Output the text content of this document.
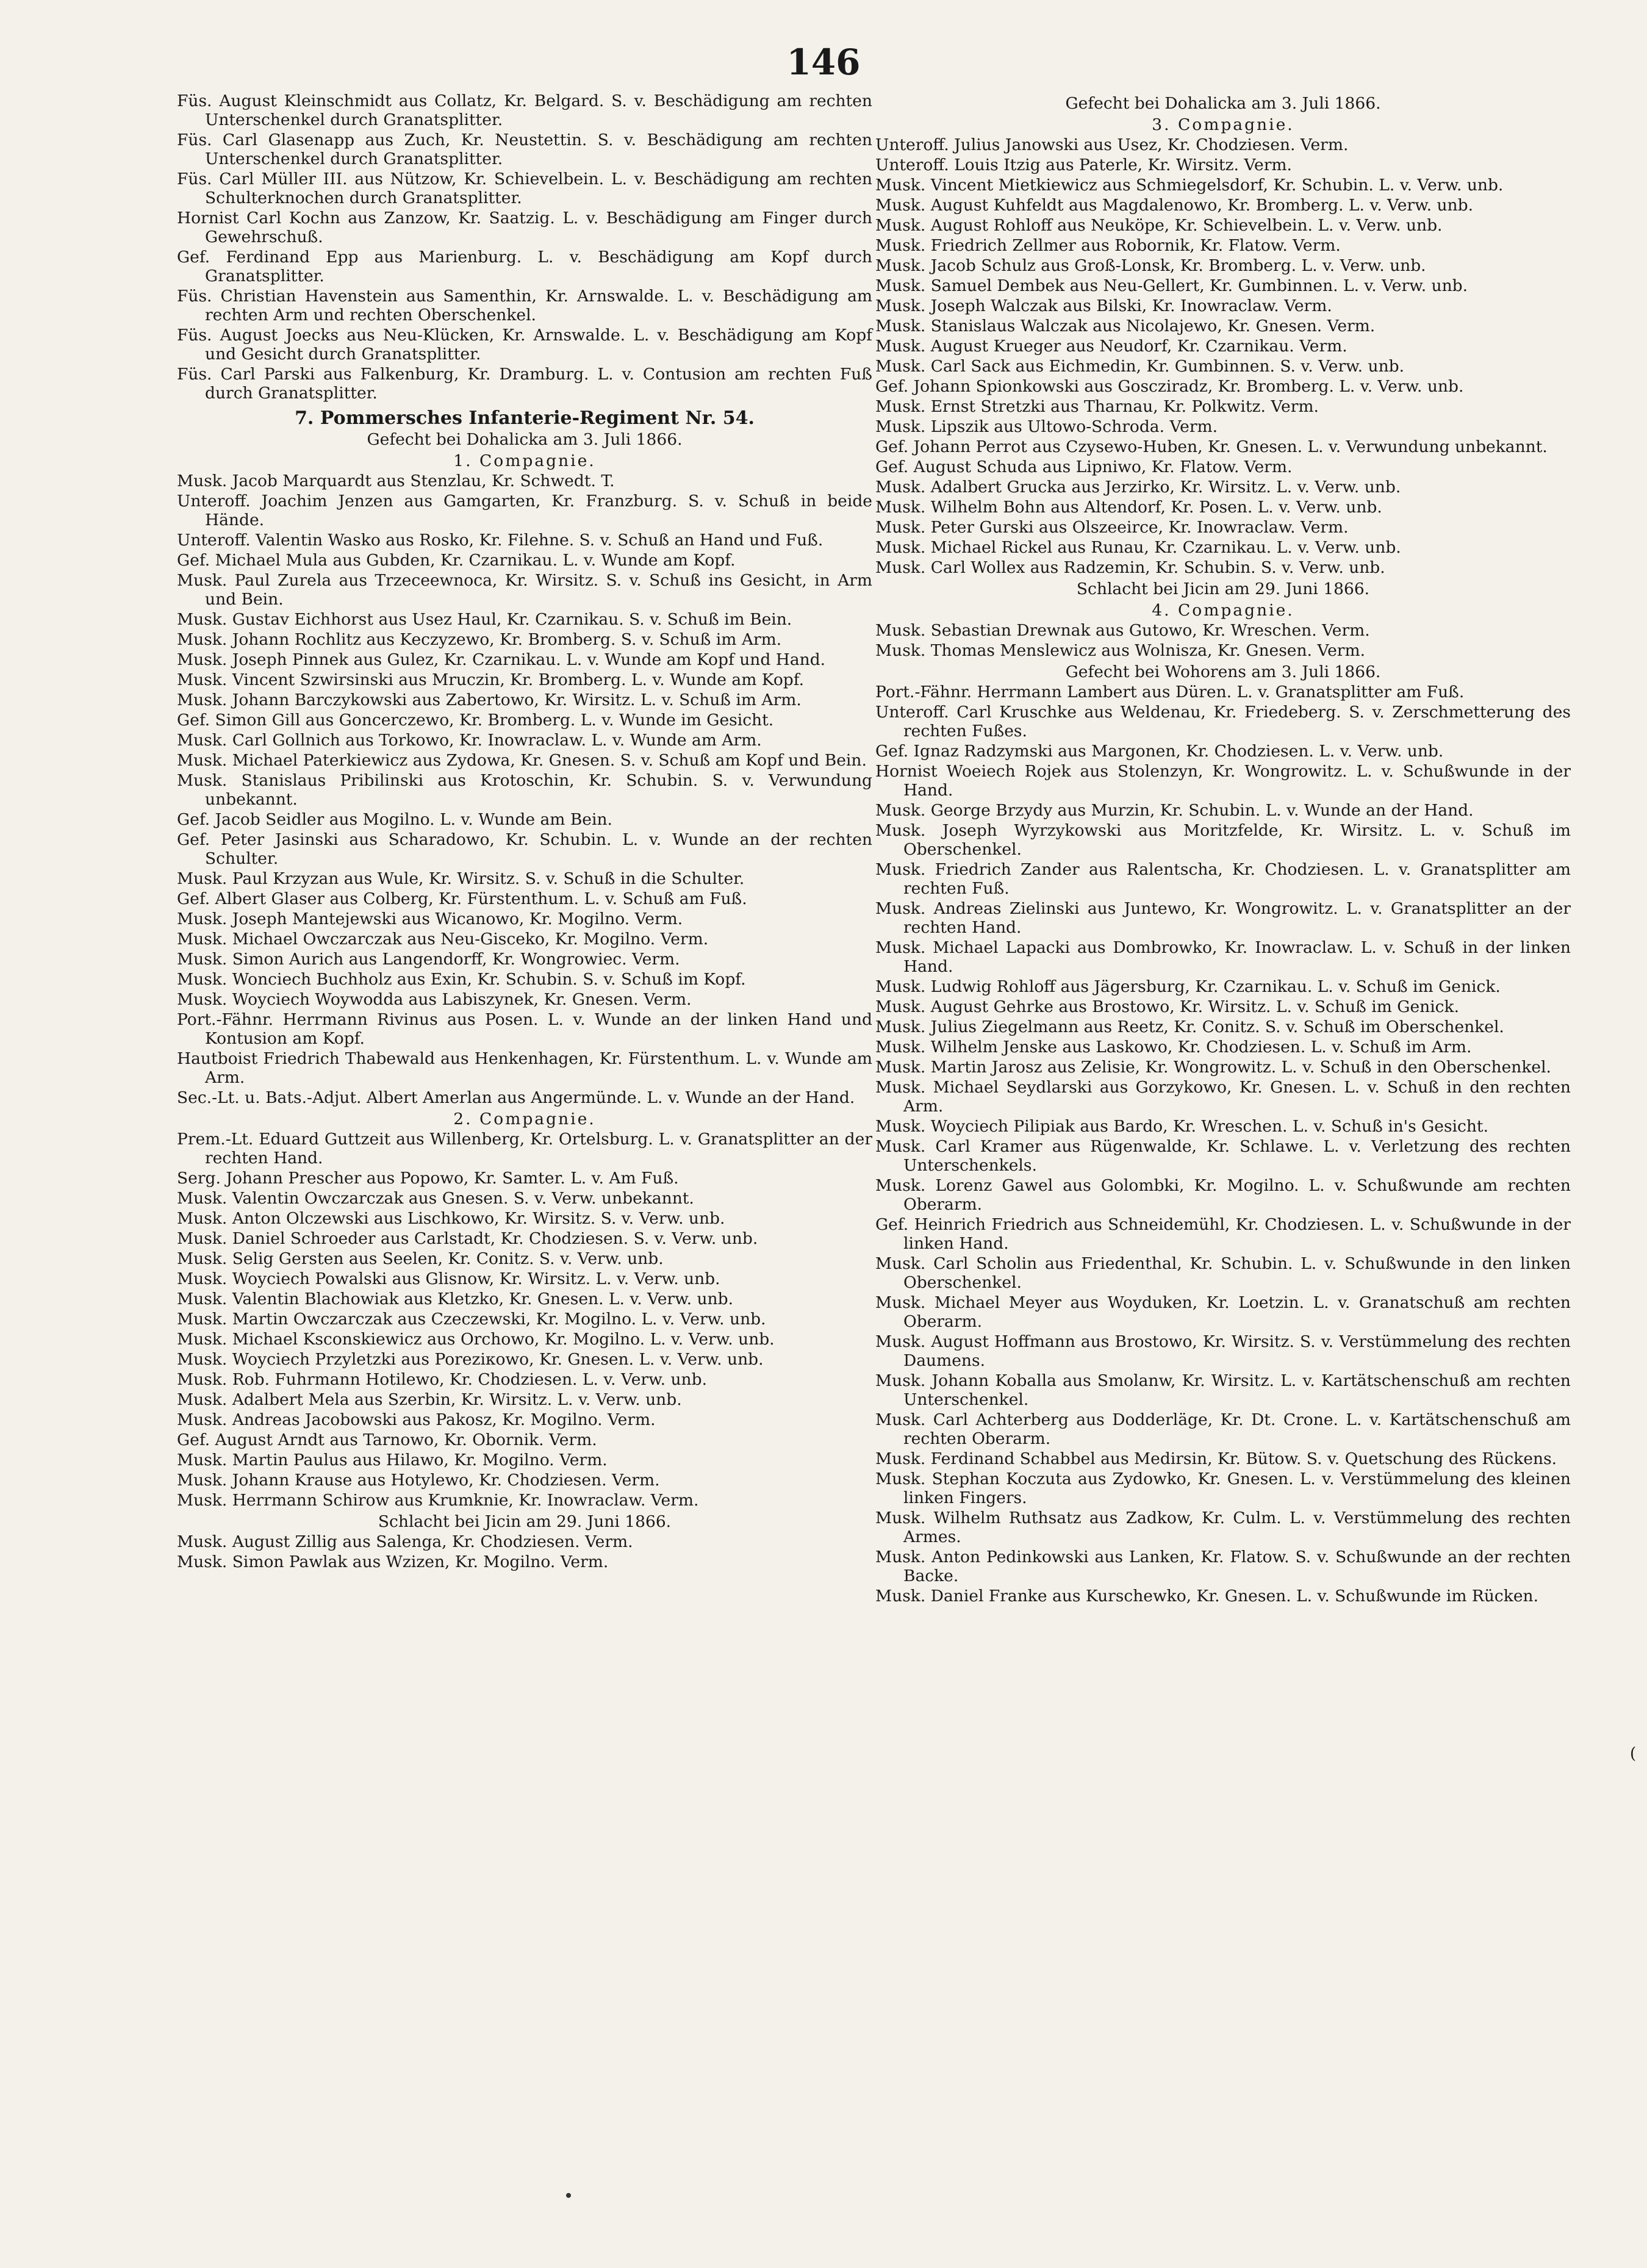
146
Füs. August Kleinschmidt aus Collatz, Kr. Belgard. S. v. Beschädigung am rechten Unterschenkel durch Granatsplitter.
Füs. Carl Glasenapp aus Zuch, Kr. Neustettin. S. v. Beschädigung am rechten Unterschenkel durch Granatsplitter.
Füs. Carl Müller III. aus Nützow, Kr. Schievelbein. L. v. Beschädigung am rechten Schulterknochen durch Granatsplitter.
Hornist Carl Kochn aus Zanzow, Kr. Saatzig. L. v. Beschädigung am Finger durch Gewehrschuß.
Gef. Ferdinand Epp aus Marienburg. L. v. Beschädigung am Kopf durch Granatsplitter.
Füs. Christian Havenstein aus Samenthin, Kr. Arnswalde. L. v. Beschädigung am rechten Arm und rechten Oberschenkel.
Füs. August Joecks aus Neu-Klücken, Kr. Arnswalde. L. v. Beschädigung am Kopf und Gesicht durch Granatsplitter.
Füs. Carl Parski aus Falkenburg, Kr. Dramburg. L. v. Contusion am rechten Fuß durch Granatsplitter.
7. Pommersches Infanterie-Regiment Nr. 54.
Gefecht bei Dohalicka am 3. Juli 1866.
1. Compagnie.
Musk. Jacob Marquardt aus Stenzlau, Kr. Schwedt. T.
Unteroff. Joachim Jenzen aus Gamgarten, Kr. Franzburg. S. v. Schuß in beide Hände.
Unteroff. Valentin Wasko aus Rosko, Kr. Filehne. S. v. Schuß an Hand und Fuß.
Gef. Michael Mula aus Gubden, Kr. Czarnikau. L. v. Wunde am Kopf.
Musk. Paul Zurela aus Trzeceewnoca, Kr. Wirsitz. S. v. Schuß ins Gesicht, in Arm und Bein.
Musk. Gustav Eichhorst aus Usez Haul, Kr. Czarnikau. S. v. Schuß im Bein.
Musk. Johann Rochlitz aus Keczyzewo, Kr. Bromberg. S. v. Schuß im Arm.
Musk. Joseph Pinnek aus Gulez, Kr. Czarnikau. L. v. Wunde am Kopf und Hand.
Musk. Vincent Szwirsinski aus Mruczin, Kr. Bromberg. L. v. Wunde am Kopf.
Musk. Johann Barczykowski aus Zabertowo, Kr. Wirsitz. L. v. Schuß im Arm.
Gef. Simon Gill aus Goncerczewo, Kr. Bromberg. L. v. Wunde im Gesicht.
Musk. Carl Gollnich aus Torkowo, Kr. Inowraclaw. L. v. Wunde am Arm.
Musk. Michael Paterkiewicz aus Zydowa, Kr. Gnesen. S. v. Schuß am Kopf und Bein.
Musk. Stanislaus Pribilinski aus Krotoschin, Kr. Schubin. S. v. Verwundung unbekannt.
Gef. Jacob Seidler aus Mogilno. L. v. Wunde am Bein.
Gef. Peter Jasinski aus Scharadowo, Kr. Schubin. L. v. Wunde an der rechten Schulter.
Musk. Paul Krzyzan aus Wule, Kr. Wirsitz. S. v. Schuß in die Schulter.
Gef. Albert Glaser aus Colberg, Kr. Fürstenthum. L. v. Schuß am Fuß.
Musk. Joseph Mantejewski aus Wicanowo, Kr. Mogilno. Verm.
Musk. Michael Owczarczak aus Neu-Gisceko, Kr. Mogilno. Verm.
Musk. Simon Aurich aus Langendorff, Kr. Wongrowiec. Verm.
Musk. Wonciech Buchholz aus Exin, Kr. Schubin. S. v. Schuß im Kopf.
Musk. Woyciech Woywodda aus Labiszynek, Kr. Gnesen. Verm.
Port.-Fähnr. Herrmann Rivinus aus Posen. L. v. Wunde an der linken Hand und Kontusion am Kopf.
Hautboist Friedrich Thabewald aus Henkenhagen, Kr. Fürstenthum. L. v. Wunde am Arm.
Sec.-Lt. u. Bats.-Adjut. Albert Amerlan aus Angermünde. L. v. Wunde an der Hand.
2. Compagnie.
Prem.-Lt. Eduard Guttzeit aus Willenberg, Kr. Ortelsburg. L. v. Granatsplitter an der rechten Hand.
Serg. Johann Prescher aus Popowo, Kr. Samter. L. v. Am Fuß.
Musk. Valentin Owczarczak aus Gnesen. S. v. Verw. unbekannt.
Musk. Anton Olczewski aus Lischkowo, Kr. Wirsitz. S. v. Verw. unb.
Musk. Daniel Schroeder aus Carlstadt, Kr. Chodziesen. S. v. Verw. unb.
Musk. Selig Gersten aus Seelen, Kr. Conitz. S. v. Verw. unb.
Musk. Woyciech Powalski aus Glisnow, Kr. Wirsitz. L. v. Verw. unb.
Musk. Valentin Blachowiak aus Kletzko, Kr. Gnesen. L. v. Verw. unb.
Musk. Martin Owczarczak aus Czeczewski, Kr. Mogilno. L. v. Verw. unb.
Musk. Michael Ksconskiewicz aus Orchowo, Kr. Mogilno. L. v. Verw. unb.
Musk. Woyciech Przyletzki aus Poreziкowo, Kr. Gnesen. L. v. Verw. unb.
Musk. Rob. Fuhrmann Hotilewo, Kr. Chodziesen. L. v. Verw. unb.
Musk. Adalbert Mela aus Szerbin, Kr. Wirsitz. L. v. Verw. unb.
Musk. Andreas Jacobowski aus Pakosz, Kr. Mogilno. Verm.
Gef. August Arndt aus Tarnowo, Kr. Obornik. Verm.
Musk. Martin Paulus aus Hilawo, Kr. Mogilno. Verm.
Musk. Johann Krause aus Hotylewo, Kr. Chodziesen. Verm.
Musk. Herrmann Schirow aus Krumknie, Kr. Inowraclaw. Verm.
Schlacht bei Jicin am 29. Juni 1866.
Musk. August Zillig aus Salenga, Kr. Chodziesen. Verm.
Musk. Simon Pawlak aus Wzizen, Kr. Mogilno. Verm.
Gefecht bei Dohalicka am 3. Juli 1866.
3. Compagnie.
Unteroff. Julius Janowski aus Usez, Kr. Chodziesen. Verm.
Unteroff. Louis Itzig aus Paterle, Kr. Wirsitz. Verm.
Musk. Vincent Mietkiewicz aus Schmiegelsdorf, Kr. Schubin. L. v. Verw. unb.
Musk. August Kuhfeldt aus Magdalenowo, Kr. Bromberg. L. v. Verw. unb.
Musk. August Rohloff aus Neuköpe, Kr. Schievelbein. L. v. Verw. unb.
Musk. Friedrich Zellmer aus Robornik, Kr. Flatow. Verm.
Musk. Jacob Schulz aus Groß-Lonsk, Kr. Bromberg. L. v. Verw. unb.
Musk. Samuel Dembek aus Neu-Gellert, Kr. Gumbinnen. L. v. Verw. unb.
Musk. Joseph Walczak aus Bilski, Kr. Inowraclaw. Verm.
Musk. Stanislaus Walczak aus Nicolajewo, Kr. Gnesen. Verm.
Musk. August Krueger aus Neudorf, Kr. Czarnikau. Verm.
Musk. Carl Sack aus Eichmedin, Kr. Gumbinnen. S. v. Verw. unb.
Gef. Johann Spionkowski aus Goscziradz, Kr. Bromberg. L. v. Verw. unb.
Musk. Ernst Stretzki aus Tharnau, Kr. Polkwitz. Verm.
Musk. Lipszik aus Ultowo-Schroda. Verm.
Gef. Johann Perrot aus Czysewo-Huben, Kr. Gnesen. L. v. Verwundung unbekannt.
Gef. August Schuda aus Lipniwo, Kr. Flatow. Verm.
Musk. Adalbert Grucka aus Jerzirko, Kr. Wirsitz. L. v. Verw. unb.
Musk. Wilhelm Bohn aus Altendorf, Kr. Posen. L. v. Verw. unb.
Musk. Peter Gurski aus Olszeeirce, Kr. Inowraclaw. Verm.
Musk. Michael Rickel aus Runau, Kr. Czarnikau. L. v. Verw. unb.
Musk. Carl Wollex aus Radzemin, Kr. Schubin. S. v. Verw. unb.
Schlacht bei Jicin am 29. Juni 1866.
4. Compagnie.
Musk. Sebastian Drewnak aus Gutowo, Kr. Wreschen. Verm.
Musk. Thomas Menslewicz aus Wolnisza, Kr. Gnesen. Verm.
Gefecht bei Wohorens am 3. Juli 1866.
Port.-Fähnr. Herrmann Lambert aus Düren. L. v. Granatsplitter am Fuß.
Unteroff. Carl Kruschke aus Weldenau, Kr. Friedeberg. S. v. Zerschmetterung des rechten Fußes.
Gef. Ignaz Radzymski aus Margonen, Kr. Chodziesen. L. v. Verw. unb.
Hornist Woeiech Rojek aus Stolenzyn, Kr. Wongrowitz. L. v. Schußwunde in der Hand.
Musk. George Brzydy aus Murzin, Kr. Schubin. L. v. Wunde an der Hand.
Musk. Joseph Wyrzykowski aus Moritzfelde, Kr. Wirsitz. L. v. Schuß im Oberschenkel.
Musk. Friedrich Zander aus Ralentscha, Kr. Chodziesen. L. v. Granatsplitter am rechten Fuß.
Musk. Andreas Zielinski aus Juntewo, Kr. Wongrowitz. L. v. Granatsplitter an der rechten Hand.
Musk. Michael Lapacki aus Dombrowko, Kr. Inowraclaw. L. v. Schuß in der linken Hand.
Musk. Ludwig Rohloff aus Jägersburg, Kr. Czarnikau. L. v. Schuß im Genick.
Musk. August Gehrke aus Brostowo, Kr. Wirsitz. L. v. Schuß im Genick.
Musk. Julius Ziegelmann aus Reetz, Kr. Conitz. S. v. Schuß im Oberschenkel.
Musk. Wilhelm Jenske aus Laskowo, Kr. Chodziesen. L. v. Schuß im Arm.
Musk. Martin Jarosz aus Zelisie, Kr. Wongrowitz. L. v. Schuß in den Oberschenkel.
Musk. Michael Seydlarski aus Gorzykowo, Kr. Gnesen. L. v. Schuß in den rechten Arm.
Musk. Woyciech Pilipiak aus Bardo, Kr. Wreschen. L. v. Schuß in's Gesicht.
Musk. Carl Kramer aus Rügenwalde, Kr. Schlawe. L. v. Verletzung des rechten Unterschenkels.
Musk. Lorenz Gawel aus Golombki, Kr. Mogilno. L. v. Schußwunde am rechten Oberarm.
Gef. Heinrich Friedrich aus Schneidemühl, Kr. Chodziesen. L. v. Schußwunde in der linken Hand.
Musk. Carl Scholin aus Friedenthal, Kr. Schubin. L. v. Schußwunde in den linken Oberschenkel.
Musk. Michael Meyer aus Woyduken, Kr. Loetzin. L. v. Granatschuß am rechten Oberarm.
Musk. August Hoffmann aus Brostowo, Kr. Wirsitz. S. v. Verstümmelung des rechten Daumens.
Musk. Johann Koballa aus Smolanw, Kr. Wirsitz. L. v. Kartätschenschuß am rechten Unterschenkel.
Musk. Carl Achterberg aus Dodderläge, Kr. Dt. Crone. L. v. Kartätschenschuß am rechten Oberarm.
Musk. Ferdinand Schabbel aus Medirsin, Kr. Bütow. S. v. Quetschung des Rückens.
Musk. Stephan Koczuta aus Zydowko, Kr. Gnesen. L. v. Verstümmelung des kleinen linken Fingers.
Musk. Wilhelm Ruthsatz aus Zadkow, Kr. Culm. L. v. Verstümmelung des rechten Armes.
Musk. Anton Pedinkowski aus Lanken, Kr. Flatow. S. v. Schußwunde an der rechten Backe.
Musk. Daniel Franke aus Kurschewko, Kr. Gnesen. L. v. Schußwunde im Rücken.
(
